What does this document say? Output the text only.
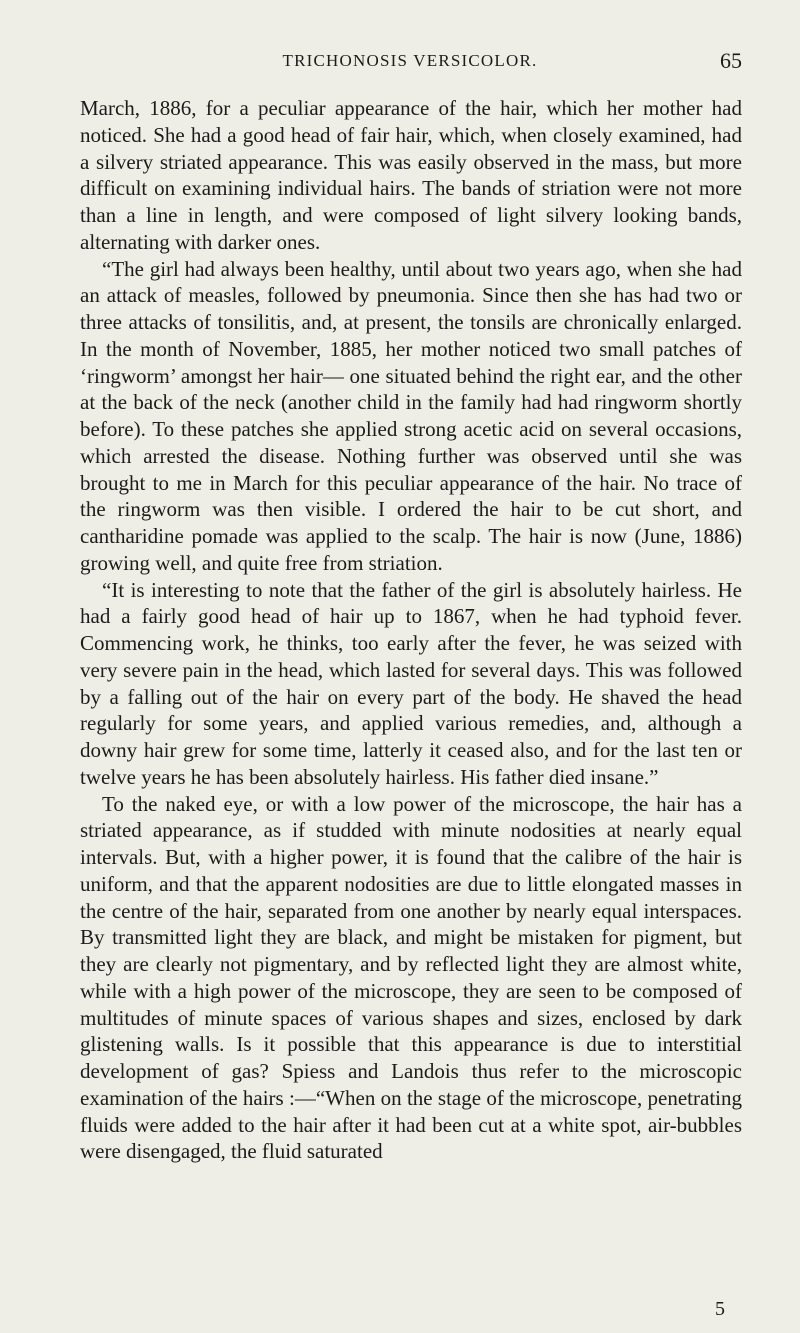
TRICHONOSIS VERSICOLOR.	65

March, 1886, for a peculiar appearance of the hair, which her mother had noticed. She had a good head of fair hair, which, when closely examined, had a silvery striated appearance. This was easily observed in the mass, but more difficult on examining individual hairs. The bands of striation were not more than a line in length, and were composed of light silvery looking bands, alternating with darker ones.

“The girl had always been healthy, until about two years ago, when she had an attack of measles, followed by pneumonia. Since then she has had two or three attacks of tonsilitis, and, at present, the tonsils are chronically enlarged. In the month of November, 1885, her mother noticed two small patches of ‘ringworm’ amongst her hair— one situated behind the right ear, and the other at the back of the neck (another child in the family had had ringworm shortly before). To these patches she applied strong acetic acid on several occasions, which arrested the disease. Nothing further was observed until she was brought to me in March for this peculiar appearance of the hair. No trace of the ringworm was then visible. I ordered the hair to be cut short, and cantharidine pomade was applied to the scalp. The hair is now (June, 1886) growing well, and quite free from striation.

“It is interesting to note that the father of the girl is absolutely hairless. He had a fairly good head of hair up to 1867, when he had typhoid fever. Commencing work, he thinks, too early after the fever, he was seized with very severe pain in the head, which lasted for several days. This was followed by a falling out of the hair on every part of the body. He shaved the head regularly for some years, and applied various remedies, and, although a downy hair grew for some time, latterly it ceased also, and for the last ten or twelve years he has been absolutely hairless. His father died insane.”

To the naked eye, or with a low power of the microscope, the hair has a striated appearance, as if studded with minute nodosities at nearly equal intervals. But, with a higher power, it is found that the calibre of the hair is uniform, and that the apparent nodosities are due to little elongated masses in the centre of the hair, separated from one another by nearly equal interspaces. By transmitted light they are black, and might be mistaken for pigment, but they are clearly not pigmentary, and by reflected light they are almost white, while with a high power of the microscope, they are seen to be composed of multitudes of minute spaces of various shapes and sizes, enclosed by dark glistening walls. Is it possible that this appearance is due to interstitial development of gas? Spiess and Landois thus refer to the microscopic examination of the hairs :—“When on the stage of the microscope, penetrating fluids were added to the hair after it had been cut at a white spot, air-bubbles were disengaged, the fluid saturated

5
